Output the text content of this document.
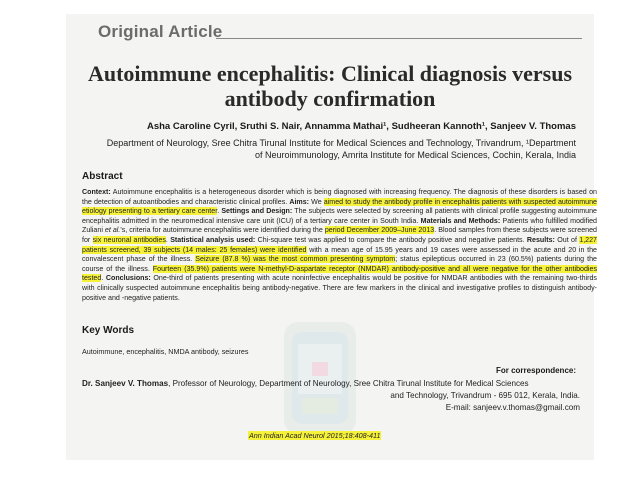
Original Article
Autoimmune encephalitis: Clinical diagnosis versus
antibody confirmation
Asha Caroline Cyril, Sruthi S. Nair, Annamma Mathai¹, Sudheeran Kannoth¹, Sanjeev V. Thomas
Department of Neurology, Sree Chitra Tirunal Institute for Medical Sciences and Technology, Trivandrum, ¹Department
of Neuroimmunology, Amrita Institute for Medical Sciences, Cochin, Kerala, India
Abstract
Context: Autoimmune encephalitis is a heterogeneous disorder which is being diagnosed with increasing frequency. The diagnosis of these disorders is based on the detection of autoantibodies and characteristic clinical profiles. Aims: We aimed to study the antibody profile in encephalitis patients with suspected autoimmune etiology presenting to a tertiary care center. Settings and Design: The subjects were selected by screening all patients with clinical profile suggesting autoimmune encephalitis admitted in the neuromedical intensive care unit (ICU) of a tertiary care center in South India. Materials and Methods: Patients who fulfilled modified Zuliani et al.'s, criteria for autoimmune encephalitis were identified during the period December 2009–June 2013. Blood samples from these subjects were screened for six neuronal antibodies. Statistical analysis used: Chi-square test was applied to compare the antibody positive and negative patients. Results: Out of 1,227 patients screened, 39 subjects (14 males: 25 females) were identified with a mean age of 15.95 years and 19 cases were assessed in the acute and 20 in the convalescent phase of the illness. Seizure (87.8 %) was the most common presenting symptom; status epilepticus occurred in 23 (60.5%) patients during the course of the illness. Fourteen (35.9%) patients were N-methyl-D-aspartate receptor (NMDAR) antibody-positive and all were negative for the other antibodies tested. Conclusions: One-third of patients presenting with acute noninfective encephalitis would be positive for NMDAR antibodies with the remaining two-thirds with clinically suspected autoimmune encephalitis being antibody-negative. There are few markers in the clinical and investigative profiles to distinguish antibody-positive and -negative patients.
Key Words
Autoimmune, encephalitis, NMDA antibody, seizures
For correspondence:
Dr. Sanjeev V. Thomas, Professor of Neurology, Department of Neurology, Sree Chitra Tirunal Institute for Medical Sciences
and Technology, Trivandrum - 695 012, Kerala, India.
E-mail: sanjeev.v.thomas@gmail.com
Ann Indian Acad Neurol 2015;18:408-411
